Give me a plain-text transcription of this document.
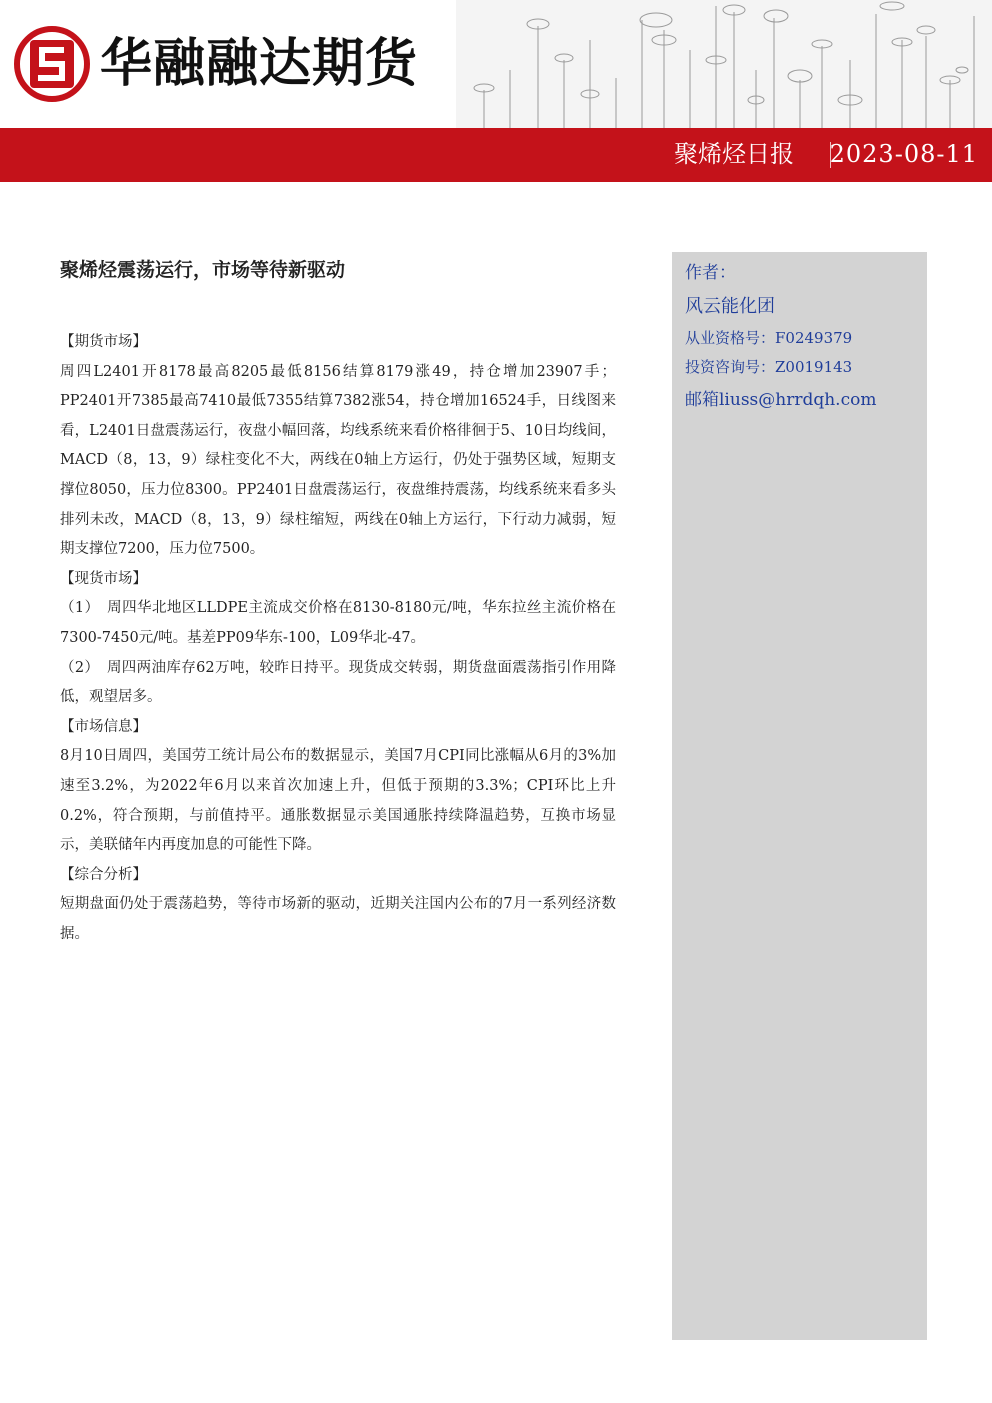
华融融达期货
聚烯烃日报 2023-08-11
聚烯烃震荡运行，市场等待新驱动

【期货市场】

周四L2401开8178最高8205最低8156结算8179涨49，持仓增加23907手；PP2401开7385最高7410最低7355结算7382涨54，持仓增加16524手，日线图来看，L2401日盘震荡运行，夜盘小幅回落，均线系统来看价格徘徊于5、10日均线间，MACD（8，13，9）绿柱变化不大，两线在0轴上方运行，仍处于强势区域，短期支撑位8050，压力位8300。PP2401日盘震荡运行，夜盘维持震荡，均线系统来看多头排列未改，MACD（8，13，9）绿柱缩短，两线在0轴上方运行，下行动力减弱，短期支撑位7200，压力位7500。

【现货市场】

（1）　周四华北地区LLDPE主流成交价格在8130-8180元/吨，华东拉丝主流价格在7300-7450元/吨。基差PP09华东-100，L09华北-47。

（2）　周四两油库存62万吨，较昨日持平。现货成交转弱，期货盘面震荡指引作用降低，观望居多。

【市场信息】

8月10日周四，美国劳工统计局公布的数据显示，美国7月CPI同比涨幅从6月的3%加速至3.2%，为2022年6月以来首次加速上升，但低于预期的3.3%；CPI环比上升0.2%，符合预期，与前值持平。通胀数据显示美国通胀持续降温趋势，互换市场显示，美联储年内再度加息的可能性下降。

【综合分析】

短期盘面仍处于震荡趋势，等待市场新的驱动，近期关注国内公布的7月一系列经济数据。

作者：
风云能化团
从业资格号：F0249379
投资咨询号：Z0019143
邮箱liuss@hrrdqh.com
